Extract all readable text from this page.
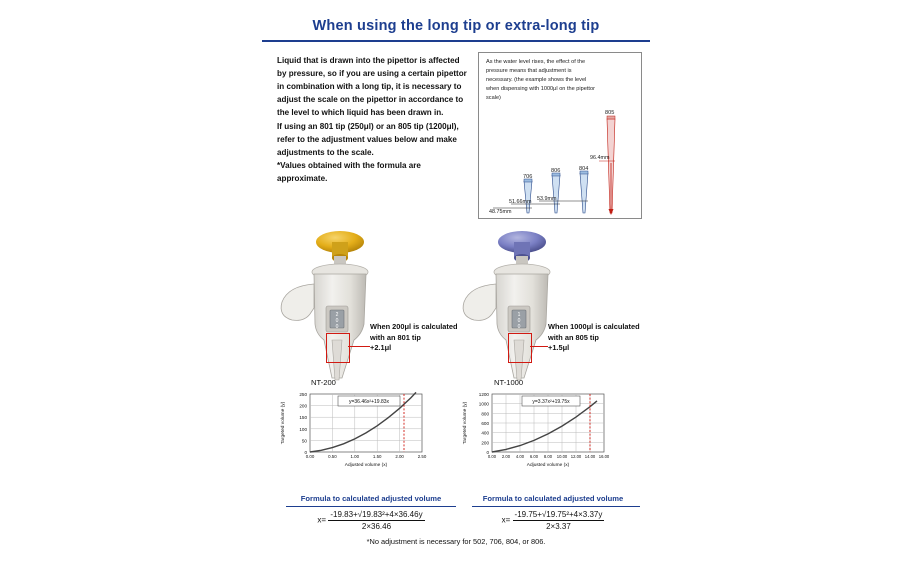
When using the long tip or extra-long tip

Liquid that is drawn into the pipettor is affected by pressure, so if you are using a certain pipettor in combination with a long tip, it is necessary to adjust the scale on the pipettor in accordance to the level to which liquid has been drawn in.

If using an 801 tip (250μl) or an 805 tip (1200μl), refer to the adjustment values below and make adjustments to the scale.

*Values obtained with the formula are approximate.

As the water level rises, the effect of the pressure means that adjustment is necessary. (the example shows the level when dispensing with 1000μl on the pipettor scale)
706
806	804
805
48.75mm
51.66mm 53.9mm
96.4mm
2
0
0	When 200μl is calculated
with an 801 tip
+2.1μl
1
0
0	When 1000μl is calculated
with an 805 tip
+1.5μl
NT-200
0
50
100
150
200
250
0.00	0.50	1.00	1.50	2.00	2.50
Adjusted volume (x)
Targeted volume (y)	y=36.46x²+19.83x
NT-1000
0
200
400
600
800
1000
1200
0.00 2.00 4.00 6.00 8.00 10.00 12.00 14.00 16.00
Adjusted volume (x)
Targeted volume (y)	y=3.37x²+19.75x
Formula to calculated adjusted volume
$x= \frac{\text{-19.83+√19.83²+4×36.46y}}{2\times 36.46}$
Formula to calculated adjusted volume
$x= \frac{\text{-19.75+√19.75²+4×3.37y}}{2\times 3.37}$
*No adjustment is necessary for 502, 706, 804, or 806.
